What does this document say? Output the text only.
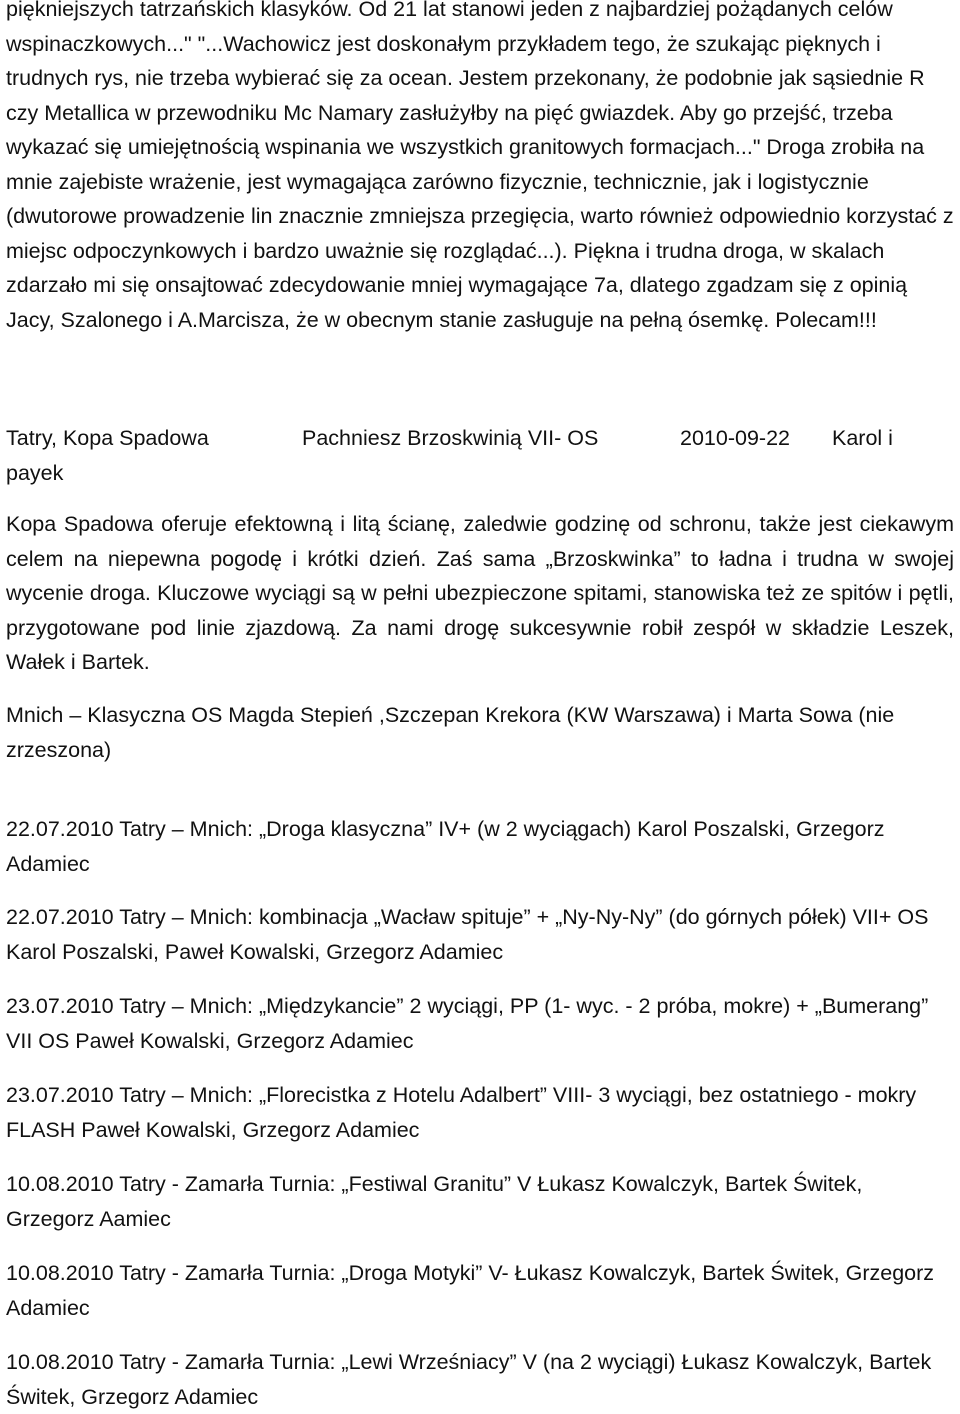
piękniejszych tatrzańskich klasyków. Od 21 lat stanowi jeden z najbardziej pożądanych celów wspinaczkowych..." "...Wachowicz jest doskonałym przykładem tego, że szukając pięknych i trudnych rys, nie trzeba wybierać się za ocean. Jestem przekonany, że podobnie jak sąsiednie R czy Metallica w przewodniku Mc Namary zasłużyłby na pięć gwiazdek. Aby go przejść, trzeba wykazać się umiejętnością wspinania we wszystkich granitowych formacjach..." Droga zrobiła na mnie zajebiste wrażenie, jest wymagająca zarówno fizycznie, technicznie, jak i logistycznie (dwutorowe prowadzenie lin znacznie zmniejsza przegięcia, warto również odpowiednio korzystać z miejsc odpoczynkowych i bardzo uważnie się rozglądać...). Piękna i trudna droga, w skalach zdarzało mi się onsajtować zdecydowanie mniej wymagające 7a, dlatego zgadzam się z opinią Jacy, Szalonego i A.Marcisza, że w obecnym stanie zasługuje na pełną ósemkę. Polecam!!!

Tatry, Kopa Spadowa	Pachniesz Brzoskwinią VII- OS	2010-09-22 Karol i
payek

Kopa Spadowa oferuje efektowną i litą ścianę, zaledwie godzinę od schronu, także jest ciekawym celem na niepewna pogodę i krótki dzień. Zaś sama „Brzoskwinka” to ładna i trudna w swojej wycenie droga. Kluczowe wyciągi są w pełni ubezpieczone spitami, stanowiska też ze spitów i pętli, przygotowane pod linie zjazdową. Za nami drogę sukcesywnie robił zespół w składzie Leszek, Wałek i Bartek.

Mnich – Klasyczna OS Magda Stepień ,Szczepan Krekora (KW Warszawa) i Marta Sowa (nie zrzeszona)

22.07.2010 Tatry – Mnich: „Droga klasyczna” IV+ (w 2 wyciągach) Karol Poszalski, Grzegorz Adamiec

22.07.2010 Tatry – Mnich: kombinacja „Wacław spituje” + „Ny-Ny-Ny” (do górnych półek) VII+ OS Karol Poszalski, Paweł Kowalski, Grzegorz Adamiec

23.07.2010 Tatry – Mnich: „Międzykancie” 2 wyciągi, PP (1- wyc. - 2 próba, mokre) + „Bumerang” VII OS Paweł Kowalski, Grzegorz Adamiec

23.07.2010 Tatry – Mnich: „Florecistka z Hotelu Adalbert” VIII- 3 wyciągi, bez ostatniego - mokry FLASH Paweł Kowalski, Grzegorz Adamiec

10.08.2010 Tatry - Zamarła Turnia: „Festiwal Granitu” V Łukasz Kowalczyk, Bartek Świtek, Grzegorz Aamiec

10.08.2010 Tatry - Zamarła Turnia: „Droga Motyki” V- Łukasz Kowalczyk, Bartek Świtek, Grzegorz Adamiec

10.08.2010 Tatry - Zamarła Turnia: „Lewi Wrześniacy” V (na 2 wyciągi) Łukasz Kowalczyk, Bartek Świtek, Grzegorz Adamiec
